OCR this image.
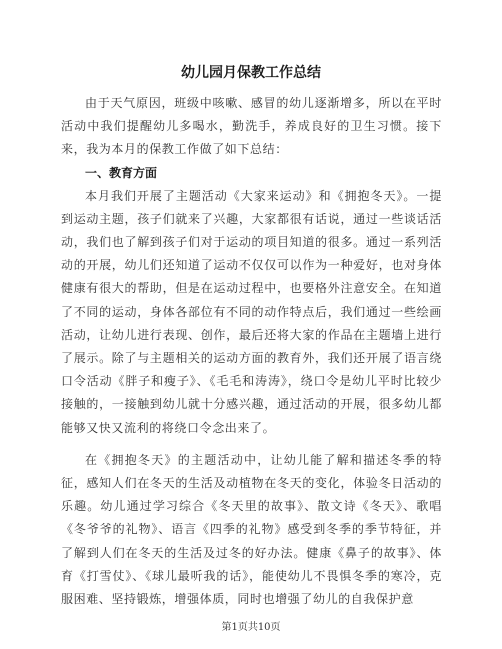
幼儿园月保教工作总结

由于天气原因，班级中咳嗽、感冒的幼儿逐渐增多，所以在平时活动中我们提醒幼儿多喝水，勤洗手，养成良好的卫生习惯。接下来，我为本月的保教工作做了如下总结：

一、教育方面

本月我们开展了主题活动《大家来运动》和《拥抱冬天》。一提到运动主题，孩子们就来了兴趣，大家都很有话说，通过一些谈话活动，我们也了解到孩子们对于运动的项目知道的很多。通过一系列活动的开展，幼儿们还知道了运动不仅仅可以作为一种爱好，也对身体健康有很大的帮助，但是在运动过程中，也要格外注意安全。在知道了不同的运动，身体各部位有不同的动作特点后，我们通过一些绘画活动，让幼儿进行表现、创作，最后还将大家的作品在主题墙上进行了展示。除了与主题相关的运动方面的教育外，我们还开展了语言绕口令活动《胖子和瘦子》、《毛毛和涛涛》，绕口令是幼儿平时比较少接触的，一接触到幼儿就十分感兴趣，通过活动的开展，很多幼儿都能够又快又流利的将绕口令念出来了。

在《拥抱冬天》的主题活动中，让幼儿能了解和描述冬季的特征，感知人们在冬天的生活及动植物在冬天的变化，体验冬日活动的乐趣。幼儿通过学习综合《冬天里的故事》、散文诗《冬天》、歌唱《冬爷爷的礼物》、语言《四季的礼物》感受到冬季的季节特征，并了解到人们在冬天的生活及过冬的好办法。健康《鼻子的故事》、体育《打雪仗》、《球儿最听我的话》，能使幼儿不畏惧冬季的寒冷，克服困难、坚持锻炼，增强体质，同时也增强了幼儿的自我保护意

第1页共10页
